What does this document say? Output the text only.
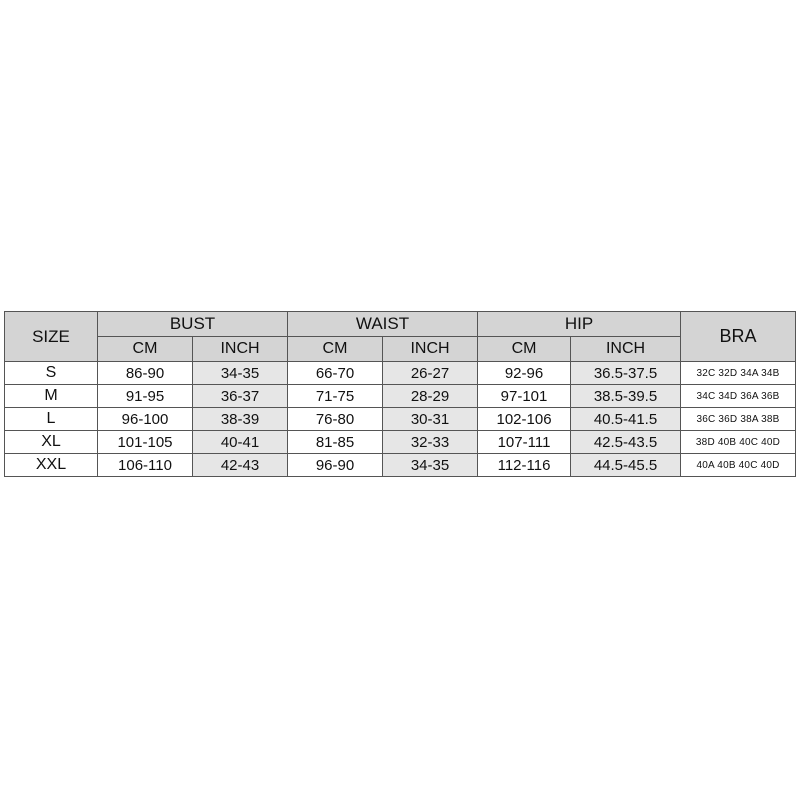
SIZE	BUST		WAIST		HIP		BRA
	CM	INCH	CM	INCH	CM	INCH	
S	86-90	34-35	66-70	26-27	92-96	36.5-37.5	32C 32D 34A 34B
M	91-95	36-37	71-75	28-29	97-101	38.5-39.5	34C 34D 36A 36B
L	96-100	38-39	76-80	30-31	102-106	40.5-41.5	36C 36D 38A 38B
XL	101-105	40-41	81-85	32-33	107-111	42.5-43.5	38D 40B 40C 40D
XXL	106-110	42-43	96-90	34-35	112-116	44.5-45.5	40A 40B 40C 40D
